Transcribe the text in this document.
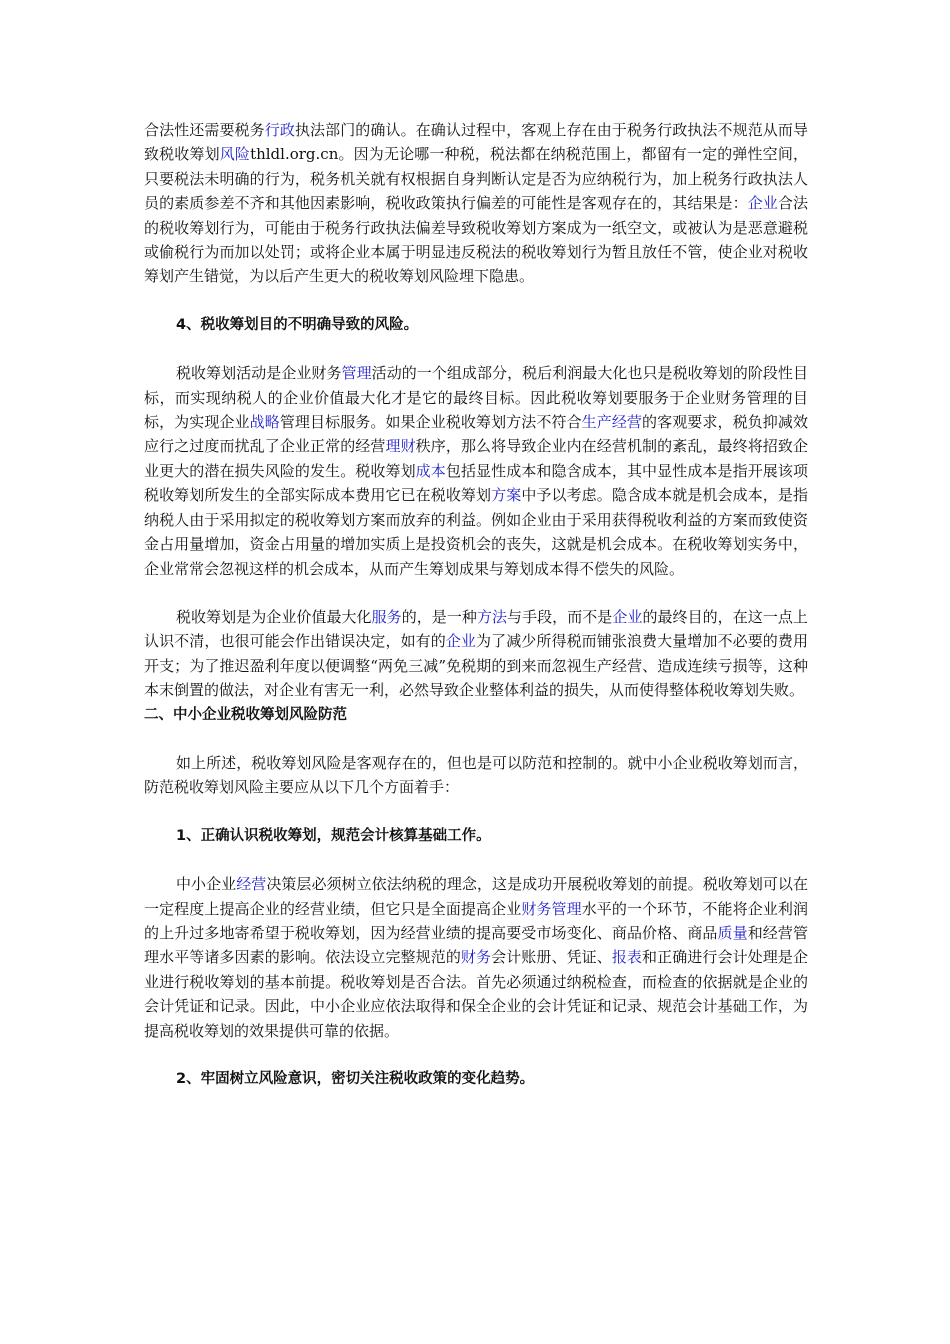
合法性还需要税务行政执法部门的确认。在确认过程中，客观上存在由于税务行政执法不规范从而导致税收筹划风险thldl.org.cn。因为无论哪一种税，税法都在纳税范围上，都留有一定的弹性空间，只要税法未明确的行为，税务机关就有权根据自身判断认定是否为应纳税行为，加上税务行政执法人员的素质参差不齐和其他因素影响，税收政策执行偏差的可能性是客观存在的，其结果是：企业合法的税收筹划行为，可能由于税务行政执法偏差导致税收筹划方案成为一纸空文，或被认为是恶意避税或偷税行为而加以处罚；或将企业本属于明显违反税法的税收筹划行为暂且放任不管，使企业对税收筹划产生错觉，为以后产生更大的税收筹划风险埋下隐患。

4、税收筹划目的不明确导致的风险。

税收筹划活动是企业财务管理活动的一个组成部分，税后利润最大化也只是税收筹划的阶段性目标，而实现纳税人的企业价值最大化才是它的最终目标。因此税收筹划要服务于企业财务管理的目标，为实现企业战略管理目标服务。如果企业税收筹划方法不符合生产经营的客观要求，税负抑减效应行之过度而扰乱了企业正常的经营理财秩序，那么将导致企业内在经营机制的紊乱，最终将招致企业更大的潜在损失风险的发生。税收筹划成本包括显性成本和隐含成本，其中显性成本是指开展该项税收筹划所发生的全部实际成本费用它已在税收筹划方案中予以考虑。隐含成本就是机会成本，是指纳税人由于采用拟定的税收筹划方案而放弃的利益。例如企业由于采用获得税收利益的方案而致使资金占用量增加，资金占用量的增加实质上是投资机会的丧失，这就是机会成本。在税收筹划实务中，企业常常会忽视这样的机会成本，从而产生筹划成果与筹划成本得不偿失的风险。

税收筹划是为企业价值最大化服务的，是一种方法与手段，而不是企业的最终目的，在这一点上认识不清，也很可能会作出错误决定，如有的企业为了减少所得税而铺张浪费大量增加不必要的费用开支；为了推迟盈利年度以便调整“两免三减”免税期的到来而忽视生产经营、造成连续亏损等，这种本末倒置的做法，对企业有害无一利，必然导致企业整体利益的损失，从而使得整体税收筹划失败。

二、中小企业税收筹划风险防范

如上所述，税收筹划风险是客观存在的，但也是可以防范和控制的。就中小企业税收筹划而言，防范税收筹划风险主要应从以下几个方面着手：

1、正确认识税收筹划，规范会计核算基础工作。

中小企业经营决策层必须树立依法纳税的理念，这是成功开展税收筹划的前提。税收筹划可以在一定程度上提高企业的经营业绩，但它只是全面提高企业财务管理水平的一个环节，不能将企业利润的上升过多地寄希望于税收筹划，因为经营业绩的提高要受市场变化、商品价格、商品质量和经营管理水平等诸多因素的影响。依法设立完整规范的财务会计账册、凭证、报表和正确进行会计处理是企业进行税收筹划的基本前提。税收筹划是否合法。首先必须通过纳税检查，而检查的依据就是企业的会计凭证和记录。因此，中小企业应依法取得和保全企业的会计凭证和记录、规范会计基础工作，为提高税收筹划的效果提供可靠的依据。

2、牢固树立风险意识，密切关注税收政策的变化趋势。
